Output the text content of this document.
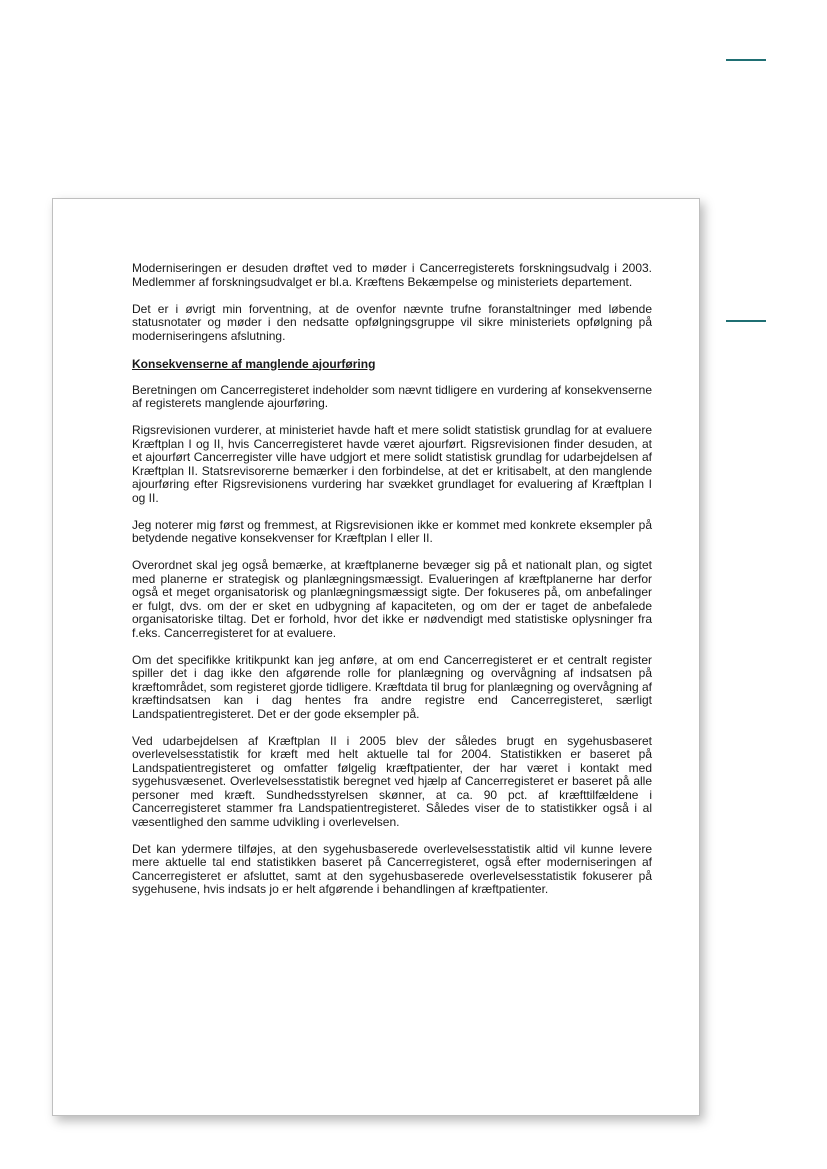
Moderniseringen er desuden drøftet ved to møder i Cancerregisterets forskningsudvalg i 2003. Medlemmer af forskningsudvalget er bl.a. Kræftens Bekæmpelse og ministeriets departement.

Det er i øvrigt min forventning, at de ovenfor nævnte trufne foranstaltninger med løbende statusnotater og møder i den nedsatte opfølgningsgruppe vil sikre ministeriets opfølgning på moderniseringens afslutning.

Konsekvenserne af manglende ajourføring

Beretningen om Cancerregisteret indeholder som nævnt tidligere en vurdering af konsekvenserne af registerets manglende ajourføring.

Rigsrevisionen vurderer, at ministeriet havde haft et mere solidt statistisk grundlag for at evaluere Kræftplan I og II, hvis Cancerregisteret havde været ajourført. Rigsrevisionen finder desuden, at et ajourført Cancerregister ville have udgjort et mere solidt statistisk grundlag for udarbejdelsen af Kræftplan II. Statsrevisorerne bemærker i den forbindelse, at det er kritisabelt, at den manglende ajourføring efter Rigsrevisionens vurdering har svækket grundlaget for evaluering af Kræftplan I og II.

Jeg noterer mig først og fremmest, at Rigsrevisionen ikke er kommet med konkrete eksempler på betydende negative konsekvenser for Kræftplan I eller II.

Overordnet skal jeg også bemærke, at kræftplanerne bevæger sig på et nationalt plan, og sigtet med planerne er strategisk og planlægningsmæssigt. Evalueringen af kræftplanerne har derfor også et meget organisatorisk og planlægningsmæssigt sigte. Der fokuseres på, om anbefalinger er fulgt, dvs. om der er sket en udbygning af kapaciteten, og om der er taget de anbefalede organisatoriske tiltag. Det er forhold, hvor det ikke er nødvendigt med statistiske oplysninger fra f.eks. Cancerregisteret for at evaluere.

Om det specifikke kritikpunkt kan jeg anføre, at om end Cancerregisteret er et centralt register spiller det i dag ikke den afgørende rolle for planlægning og overvågning af indsatsen på kræftområdet, som registeret gjorde tidligere. Kræftdata til brug for planlægning og overvågning af kræftindsatsen kan i dag hentes fra andre registre end Cancerregisteret, særligt Landspatientregisteret. Det er der gode eksempler på.

Ved udarbejdelsen af Kræftplan II i 2005 blev der således brugt en sygehusbaseret overlevelsesstatistik for kræft med helt aktuelle tal for 2004. Statistikken er baseret på Landspatientregisteret og omfatter følgelig kræftpatienter, der har været i kontakt med sygehusvæsenet. Overlevelsesstatistik beregnet ved hjælp af Cancerregisteret er baseret på alle personer med kræft. Sundhedsstyrelsen skønner, at ca. 90 pct. af kræfttilfældene i Cancerregisteret stammer fra Landspatientregisteret. Således viser de to statistikker også i al væsentlighed den samme udvikling i overlevelsen.

Det kan ydermere tilføjes, at den sygehusbaserede overlevelsesstatistik altid vil kunne levere mere aktuelle tal end statistikken baseret på Cancerregisteret, også efter moderniseringen af Cancerregisteret er afsluttet, samt at den sygehusbaserede overlevelsesstatistik fokuserer på sygehusene, hvis indsats jo er helt afgørende i behandlingen af kræftpatienter.
